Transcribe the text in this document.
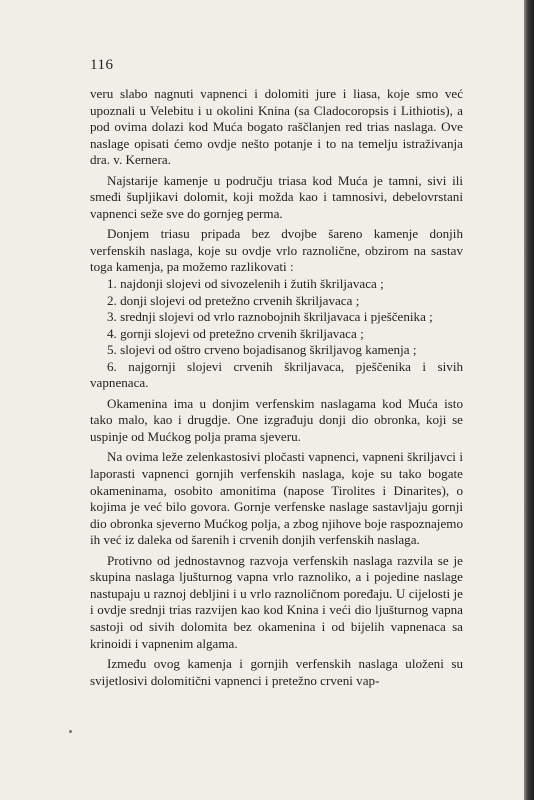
116

veru slabo nagnuti vapnenci i dolomiti jure i liasa, koje smo već upoznali u Velebitu i u okolini Knina (sa Cladocoropsis i Lithiotis), a pod ovima dolazi kod Muća bogato raščlanjen red trias naslaga. Ove naslage opisati ćemo ovdje nešto potanje i to na temelju istraživanja dra. v. Kernera.

Najstarije kamenje u području triasa kod Muća je tamni, sivi ili smeđi šupljikavi dolomit, koji možda kao i tamnosivi, debelovrstani vapnenci seže sve do gornjeg perma.

Donjem triasu pripada bez dvojbe šareno kamenje donjih verfenskih naslaga, koje su ovdje vrlo raznolične, obzirom na sastav toga kamenja, pa možemo razlikovati :

1. najdonji slojevi od sivozelenih i žutih škriljavaca ;
2. donji slojevi od pretežno crvenih škriljavaca ;
3. srednji slojevi od vrlo raznobojnih škriljavaca i pješčenika ;
4. gornji slojevi od pretežno crvenih škriljavaca ;
5. slojevi od oštro crveno bojadisanog škriljavog kamenja ;
6. najgornji slojevi crvenih škriljavaca, pješčenika i sivih vapnenaca.

Okamenina ima u donjim verfenskim naslagama kod Muća isto tako malo, kao i drugdje. One izgrađuju donji dio obronka, koji se uspinje od Mućkog polja prama sjeveru.

Na ovima leže zelenkastosivi pločasti vapnenci, vapneni škriljavci i laporasti vapnenci gornjih verfenskih naslaga, koje su tako bogate okameninama, osobito amonitima (napose Tirolites i Dinarites), o kojima je već bilo govora. Gornje verfenske naslage sastavljaju gornji dio obronka sjeverno Mućkog polja, a zbog njihove boje raspoznajemo ih već iz daleka od šarenih i crvenih donjih verfenskih naslaga.

Protivno od jednostavnog razvoja verfenskih naslaga razvila se je skupina naslaga ljušturnog vapna vrlo raznoliko, a i pojedine naslage nastupaju u raznoj debljini i u vrlo raznoličnom poređaju. U cijelosti je i ovdje srednji trias razvijen kao kod Knina i veći dio ljušturnog vapna sastoji od sivih dolomita bez okamenina i od bijelih vapnenaca sa krinoidi i vapnenim algama.

Između ovog kamenja i gornjih verfenskih naslaga uloženi su svijetlosivi dolomitični vapnenci i pretežno crveni vap-
